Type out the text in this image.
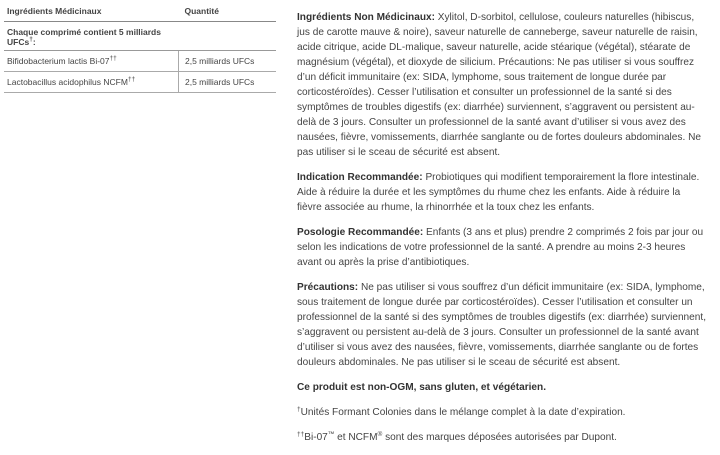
Ingrédients Médicinaux	Quantité
Chaque comprimé contient 5 milliards UFCs†:	
Bifidobacterium lactis Bi-07††	2,5 milliards UFCs
Lactobacillus acidophilus NCFM††	2,5 milliards UFCs

Ingrédients Non Médicinaux: Xylitol, D-sorbitol, cellulose, couleurs naturelles (hibiscus, jus de carotte mauve & noire), saveur naturelle de canneberge, saveur naturelle de raisin, acide citrique, acide DL-malique, saveur naturelle, acide stéarique (végétal), stéarate de magnésium (végétal), et dioxyde de silicium. Précautions: Ne pas utiliser si vous souffrez d’un déficit immunitaire (ex: SIDA, lymphome, sous traitement de longue durée par corticostéroïdes). Cesser l’utilisation et consulter un professionnel de la santé si des symptômes de troubles digestifs (ex: diarrhée) surviennent, s’aggravent ou persistent au-delà de 3 jours. Consulter un professionnel de la santé avant d’utiliser si vous avez des nausées, fièvre, vomissements, diarrhée sanglante ou de fortes douleurs abdominales. Ne pas utiliser si le sceau de sécurité est absent.

Indication Recommandée: Probiotiques qui modifient temporairement la flore intestinale. Aide à réduire la durée et les symptômes du rhume chez les enfants. Aide à réduire la fièvre associée au rhume, la rhinorrhée et la toux chez les enfants.

Posologie Recommandée: Enfants (3 ans et plus) prendre 2 comprimés 2 fois par jour ou selon les indications de votre professionnel de la santé. A prendre au moins 2-3 heures avant ou après la prise d’antibiotiques.

Précautions: Ne pas utiliser si vous souffrez d’un déficit immunitaire (ex: SIDA, lymphome, sous traitement de longue durée par corticostéroïdes). Cesser l’utilisation et consulter un professionnel de la santé si des symptômes de troubles digestifs (ex: diarrhée) surviennent, s’aggravent ou persistent au-delà de 3 jours. Consulter un professionnel de la santé avant d’utiliser si vous avez des nausées, fièvre, vomissements, diarrhée sanglante ou de fortes douleurs abdominales. Ne pas utiliser si le sceau de sécurité est absent.

Ce produit est non-OGM, sans gluten, et végétarien.

†Unités Formant Colonies dans le mélange complet à la date d’expiration.

††Bi-07™ et NCFM® sont des marques déposées autorisées par Dupont.
